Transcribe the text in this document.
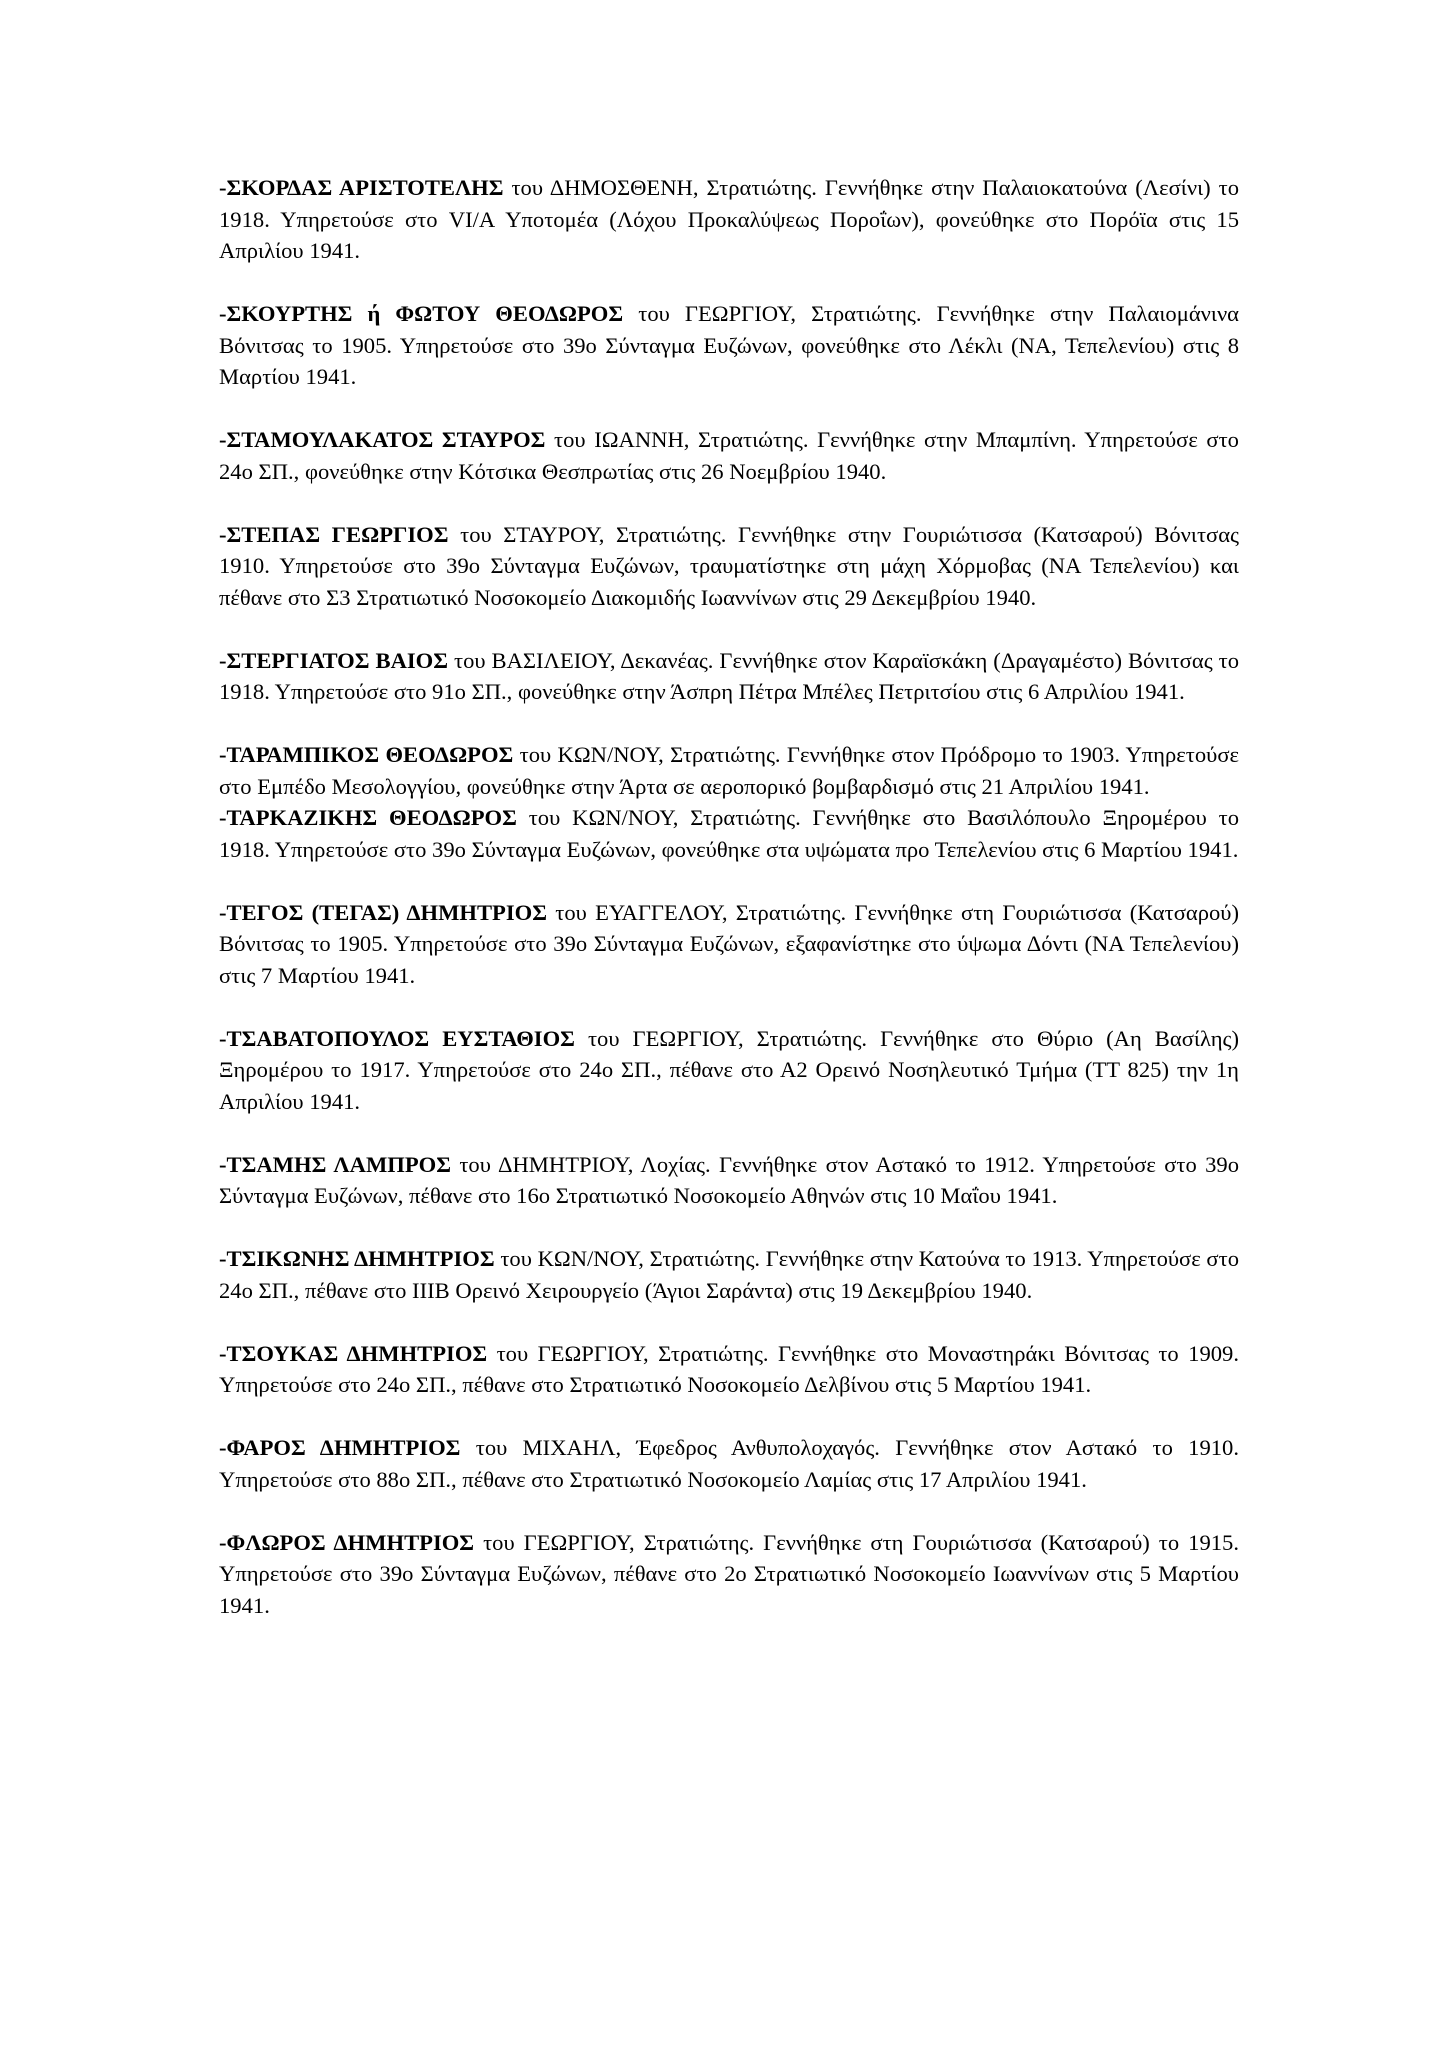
-ΣΚΟΡΔΑΣ ΑΡΙΣΤΟΤΕΛΗΣ του ΔΗΜΟΣΘΕΝΗ, Στρατιώτης. Γεννήθηκε στην Παλαιοκατούνα (Λεσίνι) το 1918. Υπηρετούσε στο VI/A Υποτομέα (Λόχου Προκαλύψεως Ποροΐων), φονεύθηκε στο Πορόϊα στις 15 Απριλίου 1941.

-ΣΚΟΥΡΤΗΣ ή ΦΩΤΟΥ ΘΕΟΔΩΡΟΣ του ΓΕΩΡΓΙΟΥ, Στρατιώτης. Γεννήθηκε στην Παλαιομάνινα Βόνιτσας το 1905. Υπηρετούσε στο 39ο Σύνταγμα Ευζώνων, φονεύθηκε στο Λέκλι (ΝΑ, Τεπελενίου) στις 8 Μαρτίου 1941.

-ΣΤΑΜΟΥΛΑΚΑΤΟΣ ΣΤΑΥΡΟΣ του ΙΩΑΝΝΗ, Στρατιώτης. Γεννήθηκε στην Μπαμπίνη. Υπηρετούσε στο 24ο ΣΠ., φονεύθηκε στην Κότσικα Θεσπρωτίας στις 26 Νοεμβρίου 1940.

-ΣΤΕΠΑΣ ΓΕΩΡΓΙΟΣ του ΣΤΑΥΡΟΥ, Στρατιώτης. Γεννήθηκε στην Γουριώτισσα (Κατσαρού) Βόνιτσας 1910. Υπηρετούσε στο 39ο Σύνταγμα Ευζώνων, τραυματίστηκε στη μάχη Χόρμοβας (ΝΑ Τεπελενίου) και πέθανε στο Σ3 Στρατιωτικό Νοσοκομείο Διακομιδής Ιωαννίνων στις 29 Δεκεμβρίου 1940.

-ΣΤΕΡΓΙΑΤΟΣ ΒΑΙΟΣ του ΒΑΣΙΛΕΙΟΥ, Δεκανέας. Γεννήθηκε στον Καραϊσκάκη (Δραγαμέστο) Βόνιτσας το 1918. Υπηρετούσε στο 91ο ΣΠ., φονεύθηκε στην Άσπρη Πέτρα Μπέλες Πετριτσίου στις 6 Απριλίου 1941.

-ΤΑΡΑΜΠΙΚΟΣ ΘΕΟΔΩΡΟΣ του ΚΩΝ/ΝΟΥ, Στρατιώτης. Γεννήθηκε στον Πρόδρομο το 1903. Υπηρετούσε στο Εμπέδο Μεσολογγίου, φονεύθηκε στην Άρτα σε αεροπορικό βομβαρδισμό στις 21 Απριλίου 1941.

-ΤΑΡΚΑΖΙΚΗΣ ΘΕΟΔΩΡΟΣ του ΚΩΝ/ΝΟΥ, Στρατιώτης. Γεννήθηκε στο Βασιλόπουλο Ξηρομέρου το 1918. Υπηρετούσε στο 39ο Σύνταγμα Ευζώνων, φονεύθηκε στα υψώματα προ Τεπελενίου στις 6 Μαρτίου 1941.

-ΤΕΓΟΣ (ΤΕΓΑΣ) ΔΗΜΗΤΡΙΟΣ του ΕΥΑΓΓΕΛΟΥ, Στρατιώτης. Γεννήθηκε στη Γουριώτισσα (Κατσαρού) Βόνιτσας το 1905. Υπηρετούσε στο 39ο Σύνταγμα Ευζώνων, εξαφανίστηκε στο ύψωμα Δόντι (ΝΑ Τεπελενίου) στις 7 Μαρτίου 1941.

-ΤΣΑΒΑΤΟΠΟΥΛΟΣ ΕΥΣΤΑΘΙΟΣ του ΓΕΩΡΓΙΟΥ, Στρατιώτης. Γεννήθηκε στο Θύριο (Αη Βασίλης) Ξηρομέρου το 1917. Υπηρετούσε στο 24ο ΣΠ., πέθανε στο Α2 Ορεινό Νοσηλευτικό Τμήμα (ΤΤ 825) την 1η Απριλίου 1941.

-ΤΣΑΜΗΣ ΛΑΜΠΡΟΣ του ΔΗΜΗΤΡΙΟΥ, Λοχίας. Γεννήθηκε στον Αστακό το 1912. Υπηρετούσε στο 39ο Σύνταγμα Ευζώνων, πέθανε στο 16ο Στρατιωτικό Νοσοκομείο Αθηνών στις 10 Μαΐου 1941.

-ΤΣΙΚΩΝΗΣ ΔΗΜΗΤΡΙΟΣ του ΚΩΝ/ΝΟΥ, Στρατιώτης. Γεννήθηκε στην Κατούνα το 1913. Υπηρετούσε στο 24ο ΣΠ., πέθανε στο ΙΙΙΒ Ορεινό Χειρουργείο (Άγιοι Σαράντα) στις 19 Δεκεμβρίου 1940.

-ΤΣΟΥΚΑΣ ΔΗΜΗΤΡΙΟΣ του ΓΕΩΡΓΙΟΥ, Στρατιώτης. Γεννήθηκε στο Μοναστηράκι Βόνιτσας το 1909. Υπηρετούσε στο 24ο ΣΠ., πέθανε στο Στρατιωτικό Νοσοκομείο Δελβίνου στις 5 Μαρτίου 1941.

-ΦΑΡΟΣ ΔΗΜΗΤΡΙΟΣ του ΜΙΧΑΗΛ, Έφεδρος Ανθυπολοχαγός. Γεννήθηκε στον Αστακό το 1910. Υπηρετούσε στο 88ο ΣΠ., πέθανε στο Στρατιωτικό Νοσοκομείο Λαμίας στις 17 Απριλίου 1941.

-ΦΛΩΡΟΣ ΔΗΜΗΤΡΙΟΣ του ΓΕΩΡΓΙΟΥ, Στρατιώτης. Γεννήθηκε στη Γουριώτισσα (Κατσαρού) το 1915. Υπηρετούσε στο 39ο Σύνταγμα Ευζώνων, πέθανε στο 2ο Στρατιωτικό Νοσοκομείο Ιωαννίνων στις 5 Μαρτίου 1941.
